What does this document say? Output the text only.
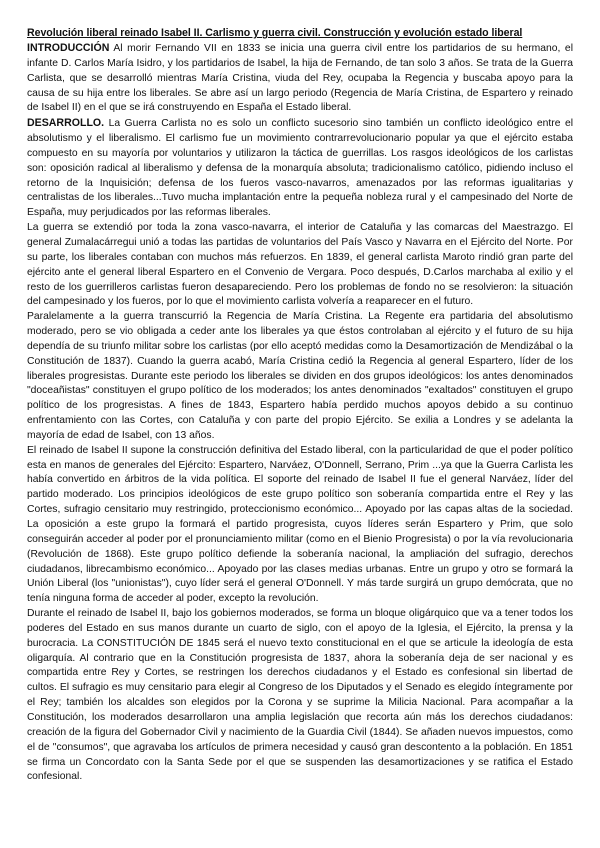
Revolución liberal reinado Isabel II. Carlismo y guerra civil. Construcción y evolución estado liberal

INTRODUCCIÓN Al morir Fernando VII en 1833 se inicia una guerra civil entre los partidarios de su hermano, el infante D. Carlos María Isidro, y los partidarios de Isabel, la hija de Fernando, de tan solo 3 años. Se trata de la Guerra Carlista, que se desarrolló mientras María Cristina, viuda del Rey, ocupaba la Regencia y buscaba apoyo para la causa de su hija entre los liberales. Se abre así un largo periodo (Regencia de María Cristina, de Espartero y reinado de Isabel II) en el que se irá construyendo en España el Estado liberal.

DESARROLLO. La Guerra Carlista no es solo un conflicto sucesorio sino también un conflicto ideológico entre el absolutismo y el liberalismo. El carlismo fue un movimiento contrarrevolucionario popular ya que el ejército estaba compuesto en su mayoría por voluntarios y utilizaron la táctica de guerrillas. Los rasgos ideológicos de los carlistas son: oposición radical al liberalismo y defensa de la monarquía absoluta; tradicionalismo católico, pidiendo incluso el retorno de la Inquisición; defensa de los fueros vasco-navarros, amenazados por las reformas igualitarias y centralistas de los liberales...Tuvo mucha implantación entre la pequeña nobleza rural y el campesinado del Norte de España, muy perjudicados por las reformas liberales.

La guerra se extendió por toda la zona vasco-navarra, el interior de Cataluña y las comarcas del Maestrazgo. El general Zumalacárregui unió a todas las partidas de voluntarios del País Vasco y Navarra en el Ejército del Norte. Por su parte, los liberales contaban con muchos más refuerzos. En 1839, el general carlista Maroto rindió gran parte del ejército ante el general liberal Espartero en el Convenio de Vergara. Poco después, D.Carlos marchaba al exilio y el resto de los guerrilleros carlistas fueron desapareciendo. Pero los problemas de fondo no se resolvieron: la situación del campesinado y los fueros, por lo que el movimiento carlista volvería a reaparecer en el futuro.

Paralelamente a la guerra transcurrió la Regencia de María Cristina. La Regente era partidaria del absolutismo moderado, pero se vio obligada a ceder ante los liberales ya que éstos controlaban al ejército y el futuro de su hija dependía de su triunfo militar sobre los carlistas (por ello aceptó medidas como la Desamortización de Mendizábal o la Constitución de 1837). Cuando la guerra acabó, María Cristina cedió la Regencia al general Espartero, líder de los liberales progresistas. Durante este periodo los liberales se dividen en dos grupos ideológicos: los antes denominados "doceañistas" constituyen el grupo político de los moderados; los antes denominados "exaltados" constituyen el grupo político de los progresistas. A fines de 1843, Espartero había perdido muchos apoyos debido a su continuo enfrentamiento con las Cortes, con Cataluña y con parte del propio Ejército. Se exilia a Londres y se adelanta la mayoría de edad de Isabel, con 13 años.

El reinado de Isabel II supone la construcción definitiva del Estado liberal, con la particularidad de que el poder político esta en manos de generales del Ejército: Espartero, Narváez, O'Donnell, Serrano, Prim ...ya que la Guerra Carlista les había convertido en árbitros de la vida política. El soporte del reinado de Isabel II fue el general Narváez, líder del partido moderado. Los principios ideológicos de este grupo político son soberanía compartida entre el Rey y las Cortes, sufragio censitario muy restringido, proteccionismo económico... Apoyado por las capas altas de la sociedad. La oposición a este grupo la formará el partido progresista, cuyos líderes serán Espartero y Prim, que solo conseguirán acceder al poder por el pronunciamiento militar (como en el Bienio Progresista) o por la vía revolucionaria (Revolución de 1868). Este grupo político defiende la soberanía nacional, la ampliación del sufragio, derechos ciudadanos, librecambismo económico... Apoyado por las clases medias urbanas. Entre un grupo y otro se formará la Unión Liberal (los "unionistas"), cuyo líder será el general O'Donnell. Y más tarde surgirá un grupo demócrata, que no tenía ninguna forma de acceder al poder, excepto la revolución.

Durante el reinado de Isabel II, bajo los gobiernos moderados, se forma un bloque oligárquico que va a tener todos los poderes del Estado en sus manos durante un cuarto de siglo, con el apoyo de la Iglesia, el Ejército, la prensa y la burocracia. La CONSTITUCIÓN DE 1845 será el nuevo texto constitucional en el que se articule la ideología de esta oligarquía. Al contrario que en la Constitución progresista de 1837, ahora la soberanía deja de ser nacional y es compartida entre Rey y Cortes, se restringen los derechos ciudadanos y el Estado es confesional sin libertad de cultos. El sufragio es muy censitario para elegir al Congreso de los Diputados y el Senado es elegido íntegramente por el Rey; también los alcaldes son elegidos por la Corona y se suprime la Milicia Nacional. Para acompañar a la Constitución, los moderados desarrollaron una amplia legislación que recorta aún más los derechos ciudadanos: creación de la figura del Gobernador Civil y nacimiento de la Guardia Civil (1844). Se añaden nuevos impuestos, como el de "consumos", que agravaba los artículos de primera necesidad y causó gran descontento a la población. En 1851 se firma un Concordato con la Santa Sede por el que se suspenden las desamortizaciones y se ratifica el Estado confesional.
